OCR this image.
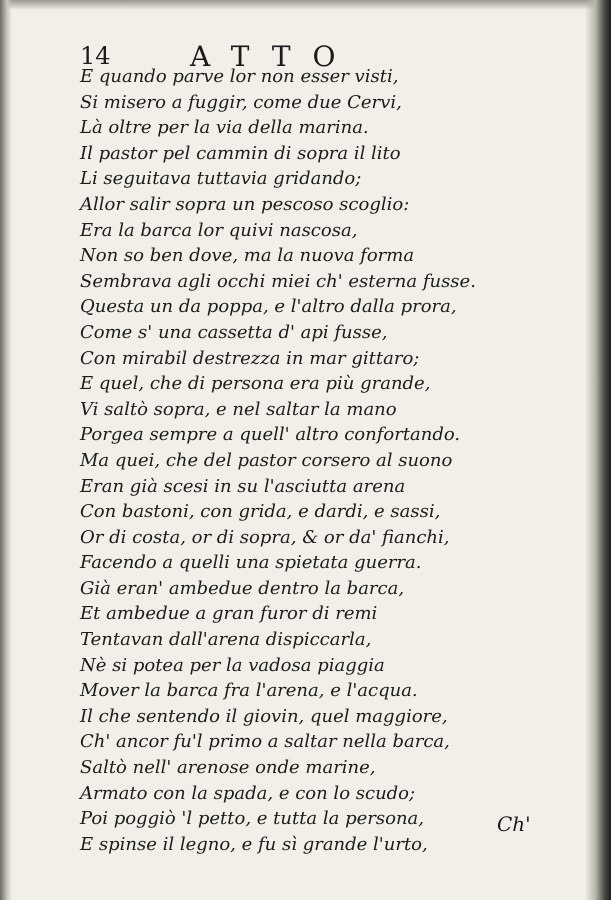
14	ATTO
E quando parve lor non esser visti,
Si misero a fuggir, come due Cervi,
Là oltre per la via della marina.
Il pastor pel cammin di sopra il lito
Li seguitava tuttavia gridando;
Allor salir sopra un pescoso scoglio:
Era la barca lor quivi nascosa,
Non so ben dove, ma la nuova forma
Sembrava agli occhi miei ch' esterna fusse.
Questa un da poppa, e l'altro dalla prora,
Come s' una cassetta d' api fusse,
Con mirabil destrezza in mar gittaro;
E quel, che di persona era più grande,
Vi saltò sopra, e nel saltar la mano
Porgea sempre a quell' altro confortando.
Ma quei, che del pastor corsero al suono
Eran già scesi in su l'asciutta arena
Con bastoni, con grida, e dardi, e sassi,
Or di costa, or di sopra, & or da' fianchi,
Facendo a quelli una spietata guerra.
Già eran' ambedue dentro la barca,
Et ambedue a gran furor di remi
Tentavan dall'arena dispiccarla,
Nè si potea per la vadosa piaggia
Mover la barca fra l'arena, e l'acqua.
Il che sentendo il giovin, quel maggiore,
Ch' ancor fu'l primo a saltar nella barca,
Saltò nell' arenose onde marine,
Armato con la spada, e con lo scudo;
Poi poggiò 'l petto, e tutta la persona,
E spinse il legno, e fu sì grande l'urto,
Ch'
